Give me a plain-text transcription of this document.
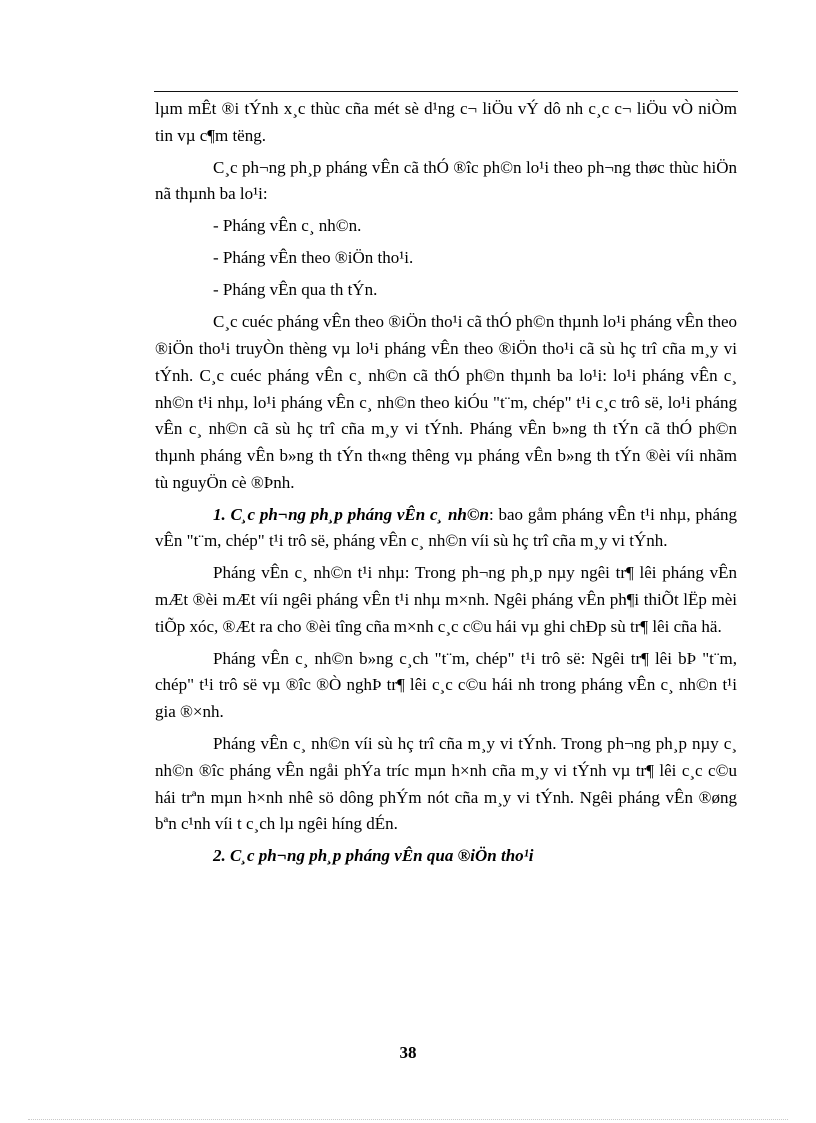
lµm mÊt ®i tÝnh x¸c thùc cña mét sè d¹ng c¬ liÖu vÝ dô nh c¸c c¬ liÖu vÒ niÒm tin vµ c¶m tëng.

C¸c ph¬ng ph¸p pháng vÊn cã thÓ ®îc ph©n lo¹i theo ph¬ng thøc thùc hiÖn nã thµnh ba lo¹i:

- Pháng vÊn c¸ nh©n.

- Pháng vÊn theo ®iÖn tho¹i.

- Pháng vÊn qua th tÝn.

C¸c cuéc pháng vÊn theo ®iÖn tho¹i cã thÓ ph©n thµnh lo¹i pháng vÊn theo ®iÖn tho¹i truyÒn thèng vµ lo¹i pháng vÊn theo ®iÖn tho¹i cã sù hç trî cña m¸y vi tÝnh. C¸c cuéc pháng vÊn c¸ nh©n cã thÓ ph©n thµnh ba lo¹i: lo¹i pháng vÊn c¸ nh©n t¹i nhµ, lo¹i pháng vÊn c¸ nh©n theo kiÓu "t¨m, chép" t¹i c¸c trô së, lo¹i pháng vÊn c¸ nh©n cã sù hç trî cña m¸y vi tÝnh. Pháng vÊn b»ng th tÝn cã thÓ ph©n thµnh pháng vÊn b»ng th tÝn th«ng thêng vµ pháng vÊn b»ng th tÝn ®èi víi nhãm tù nguyÖn cè ®Þnh.

1. C¸c ph¬ng ph¸p pháng vÊn c¸ nh©n: bao gåm pháng vÊn t¹i nhµ, pháng vÊn "t¨m, chép" t¹i trô së, pháng vÊn c¸ nh©n víi sù hç trî cña m¸y vi tÝnh.

Pháng vÊn c¸ nh©n t¹i nhµ: Trong ph¬ng ph¸p nµy ngêi tr¶ lêi pháng vÊn mÆt ®èi mÆt víi ngêi pháng vÊn t¹i nhµ m×nh. Ngêi pháng vÊn ph¶i thiÕt lËp mèi tiÕp xóc, ®Æt ra cho ®èi tîng cña m×nh c¸c c©u hái vµ ghi chÐp sù tr¶ lêi cña hä.

Pháng vÊn c¸ nh©n b»ng c¸ch "t¨m, chép" t¹i trô së: Ngêi tr¶ lêi bÞ "t¨m, chép" t¹i trô së vµ ®îc ®Ò nghÞ tr¶ lêi c¸c c©u hái nh trong pháng vÊn c¸ nh©n t¹i gia ®×nh.

Pháng vÊn c¸ nh©n víi sù hç trî cña m¸y vi tÝnh. Trong ph¬ng ph¸p nµy c¸ nh©n ®îc pháng vÊn ngåi phÝa tríc mµn h×nh cña m¸y vi tÝnh vµ tr¶ lêi c¸c c©u hái trªn mµn h×nh nhê sö dông phÝm nót cña m¸y vi tÝnh. Ngêi pháng vÊn ®øng bªn c¹nh víi t c¸ch lµ ngêi híng dÉn.

2. C¸c ph¬ng ph¸p pháng vÊn qua ®iÖn tho¹i

38
